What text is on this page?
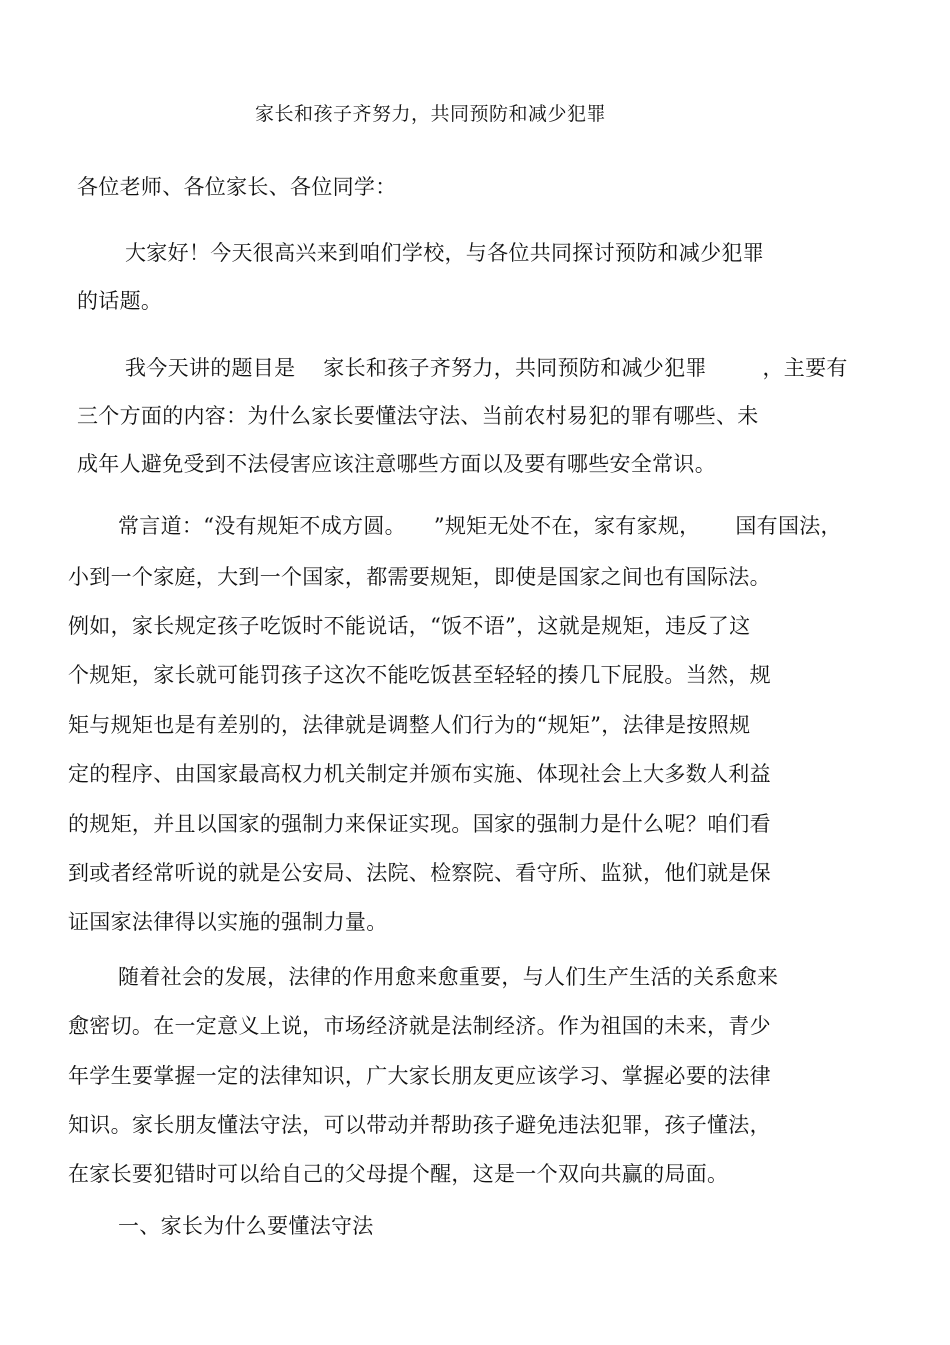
家长和孩子齐努力，共同预防和减少犯罪
各位老师、各位家长、各位同学：
大家好！今天很高兴来到咱们学校，与各位共同探讨预防和减少犯罪
的话题。
我今天讲的题目是    家长和孩子齐努力，共同预防和减少犯罪        ，主要有
三个方面的内容：为什么家长要懂法守法、当前农村易犯的罪有哪些、未
成年人避免受到不法侵害应该注意哪些方面以及要有哪些安全常识。
常言道：“没有规矩不成方圆。    ”规矩无处不在，家有家规，     国有国法，
小到一个家庭，大到一个国家，都需要规矩，即使是国家之间也有国际法。
例如，家长规定孩子吃饭时不能说话，“饭不语”，这就是规矩，违反了这
个规矩，家长就可能罚孩子这次不能吃饭甚至轻轻的揍几下屁股。当然，规
矩与规矩也是有差别的，法律就是调整人们行为的“规矩”，法律是按照规
定的程序、由国家最高权力机关制定并颁布实施、体现社会上大多数人利益
的规矩，并且以国家的强制力来保证实现。国家的强制力是什么呢？咱们看
到或者经常听说的就是公安局、法院、检察院、看守所、监狱，他们就是保
证国家法律得以实施的强制力量。
随着社会的发展，法律的作用愈来愈重要，与人们生产生活的关系愈来
愈密切。在一定意义上说，市场经济就是法制经济。作为祖国的未来，青少
年学生要掌握一定的法律知识，广大家长朋友更应该学习、掌握必要的法律
知识。家长朋友懂法守法，可以带动并帮助孩子避免违法犯罪，孩子懂法，
在家长要犯错时可以给自己的父母提个醒，这是一个双向共赢的局面。
一、家长为什么要懂法守法
